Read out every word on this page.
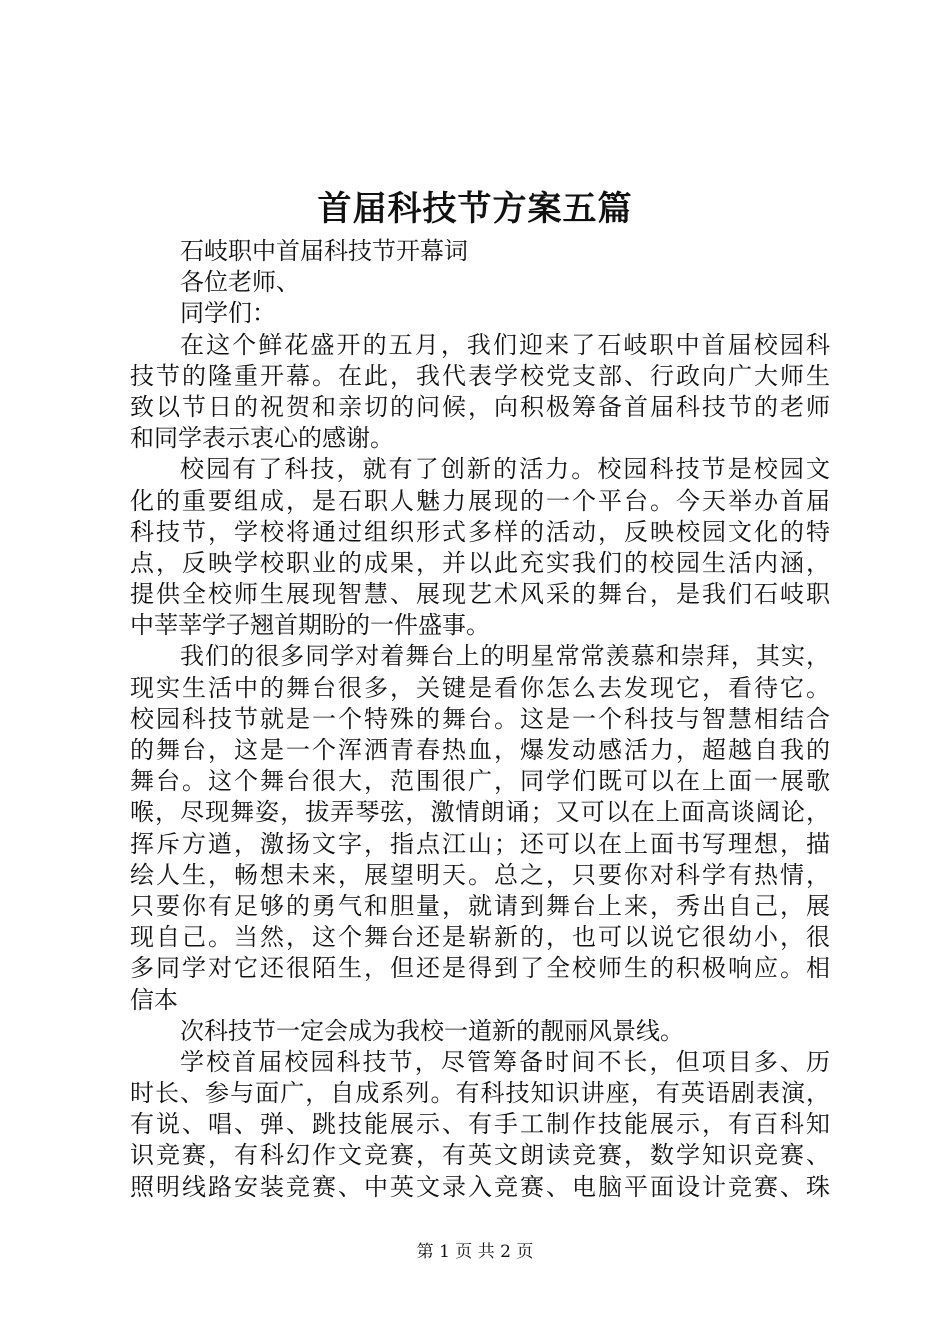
首届科技节方案五篇
石岐职中首届科技节开幕词
各位老师、
同学们：
在这个鲜花盛开的五月，我们迎来了石岐职中首届校园科
技节的隆重开幕。在此，我代表学校党支部、行政向广大师生
致以节日的祝贺和亲切的问候，向积极筹备首届科技节的老师
和同学表示衷心的感谢。
校园有了科技，就有了创新的活力。校园科技节是校园文
化的重要组成，是石职人魅力展现的一个平台。今天举办首届
科技节，学校将通过组织形式多样的活动，反映校园文化的特
点，反映学校职业的成果，并以此充实我们的校园生活内涵，
提供全校师生展现智慧、展现艺术风采的舞台，是我们石岐职
中莘莘学子翘首期盼的一件盛事。
我们的很多同学对着舞台上的明星常常羡慕和崇拜，其实，
现实生活中的舞台很多，关键是看你怎么去发现它，看待它。
校园科技节就是一个特殊的舞台。这是一个科技与智慧相结合
的舞台，这是一个浑洒青春热血，爆发动感活力，超越自我的
舞台。这个舞台很大，范围很广，同学们既可以在上面一展歌
喉，尽现舞姿，拔弄琴弦，激情朗诵；又可以在上面高谈阔论，
挥斥方遒，激扬文字，指点江山；还可以在上面书写理想，描
绘人生，畅想未来，展望明天。总之，只要你对科学有热情，
只要你有足够的勇气和胆量，就请到舞台上来，秀出自己，展
现自己。当然，这个舞台还是崭新的，也可以说它很幼小，很
多同学对它还很陌生，但还是得到了全校师生的积极响应。相
信本
次科技节一定会成为我校一道新的靓丽风景线。
学校首届校园科技节，尽管筹备时间不长，但项目多、历
时长、参与面广，自成系列。有科技知识讲座，有英语剧表演，
有说、唱、弹、跳技能展示、有手工制作技能展示，有百科知
识竞赛，有科幻作文竞赛，有英文朗读竞赛，数学知识竞赛、
照明线路安装竞赛、中英文录入竞赛、电脑平面设计竞赛、珠
第 1 页 共 2 页
